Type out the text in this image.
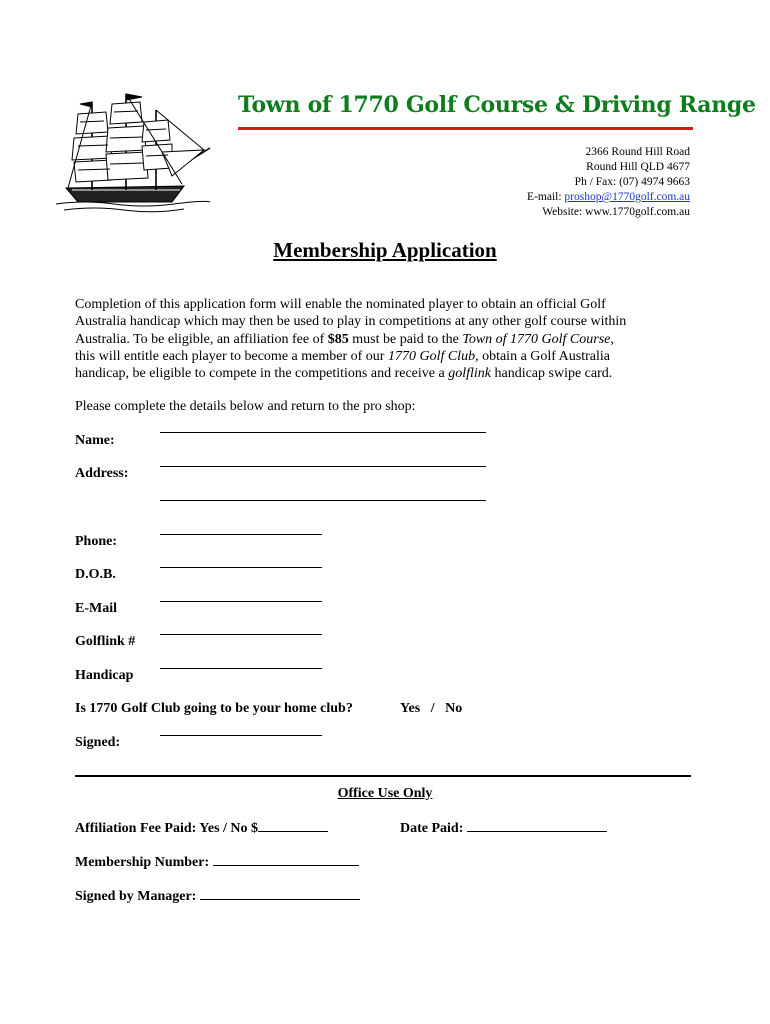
Town of 1770 Golf Course & Driving Range
2366 Round Hill Road
Round Hill QLD 4677
Ph / Fax: (07) 4974 9663
E-mail: proshop@1770golf.com.au
Website: www.1770golf.com.au
Membership Application
Completion of this application form will enable the nominated player to obtain an official Golf
Australia handicap which may then be used to play in competitions at any other golf course within
Australia. To be eligible, an affiliation fee of $85 must be paid to the Town of 1770 Golf Course,
this will entitle each player to become a member of our 1770 Golf Club, obtain a Golf Australia
handicap, be eligible to compete in the competitions and receive a golflink handicap swipe card.
Please complete the details below and return to the pro shop:
Name:
Address:
Phone:
D.O.B.
E-Mail
Golflink #
Handicap
Is 1770 Golf Club going to be your home club?	Yes   /   No
Signed:
Office Use Only
Affiliation Fee Paid: Yes / No $	Date Paid:
Membership Number:
Signed by Manager:
